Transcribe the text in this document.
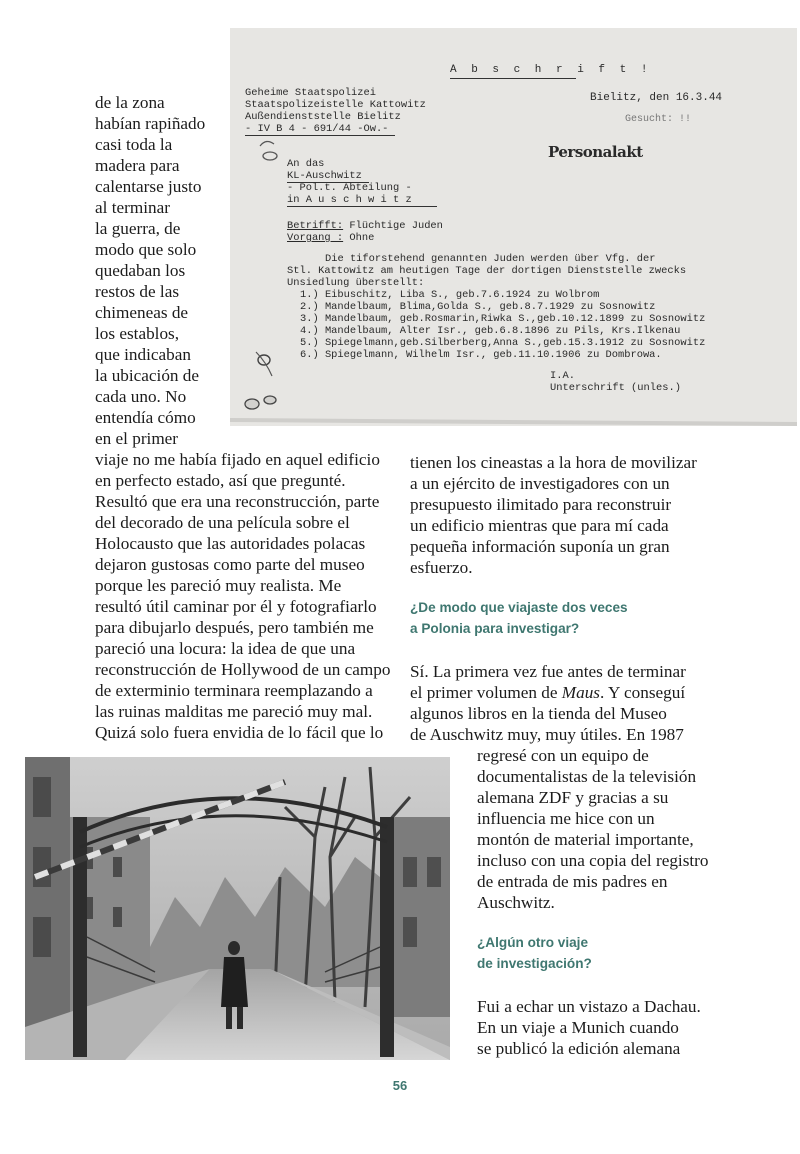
A b s c h r i f t !
Geheime Staatspolizei
Staatspolizeistelle Kattowitz
Außendienststelle Bielitz
- IV B 4 - 691/44 -Ow.-
Bielitz, den 16.3.44
Gesucht: !!
Personalakt
An das
KL-Auschwitz
- Pol.t. Abteilung -
in A u s c h w i t z
Betrifft: Flüchtige Juden
Vorgang : Ohne
Die tiforstehend genannten Juden werden über Vfg. der
Stl. Kattowitz am heutigen Tage der dortigen Dienststelle zwecks
Unsiedlung überstellt:
1.) Eibuschitz, Liba S., geb.7.6.1924 zu Wolbrom
2.) Mandelbaum, Blima,Golda S., geb.8.7.1929 zu Sosnowitz
3.) Mandelbaum, geb.Rosmarin,Riwka S.,geb.10.12.1899 zu Sosnowitz
4.) Mandelbaum, Alter Isr., geb.6.8.1896 zu Pils, Krs.Ilkenau
5.) Spiegelmann,geb.Silberberg,Anna S.,geb.15.3.1912 zu Sosnowitz
6.) Spiegelmann, Wilhelm Isr., geb.11.10.1906 zu Dombrowa.
I.A.
Unterschrift (unles.)
de la zona
habían rapiñado
casi toda la
madera para
calentarse justo
al terminar
la guerra, de
modo que solo
quedaban los
restos de las
chimeneas de
los establos,
que indicaban
la ubicación de
cada uno. No
entendía cómo
en el primer
viaje no me había fijado en aquel edificio
en perfecto estado, así que pregunté.
Resultó que era una reconstrucción, parte
del decorado de una película sobre el
Holocausto que las autoridades polacas
dejaron gustosas como parte del museo
porque les pareció muy realista. Me
resultó útil caminar por él y fotografiarlo
para dibujarlo después, pero también me
pareció una locura: la idea de que una
reconstrucción de Hollywood de un campo
de exterminio terminara reemplazando a
las ruinas malditas me pareció muy mal.
Quizá solo fuera envidia de lo fácil que lo
tienen los cineastas a la hora de movilizar
a un ejército de investigadores con un
presupuesto ilimitado para reconstruir
un edificio mientras que para mí cada
pequeña información suponía un gran
esfuerzo.
¿De modo que viajaste dos veces
a Polonia para investigar?
Sí. La primera vez fue antes de terminar
el primer volumen de Maus. Y conseguí
algunos libros en la tienda del Museo
de Auschwitz muy, muy útiles. En 1987
regresé con un equipo de
documentalistas de la televisión
alemana ZDF y gracias a su
influencia me hice con un
montón de material importante,
incluso con una copia del registro
de entrada de mis padres en
Auschwitz.
¿Algún otro viaje
de investigación?
Fui a echar un vistazo a Dachau.
En un viaje a Munich cuando
se publicó la edición alemana
56
